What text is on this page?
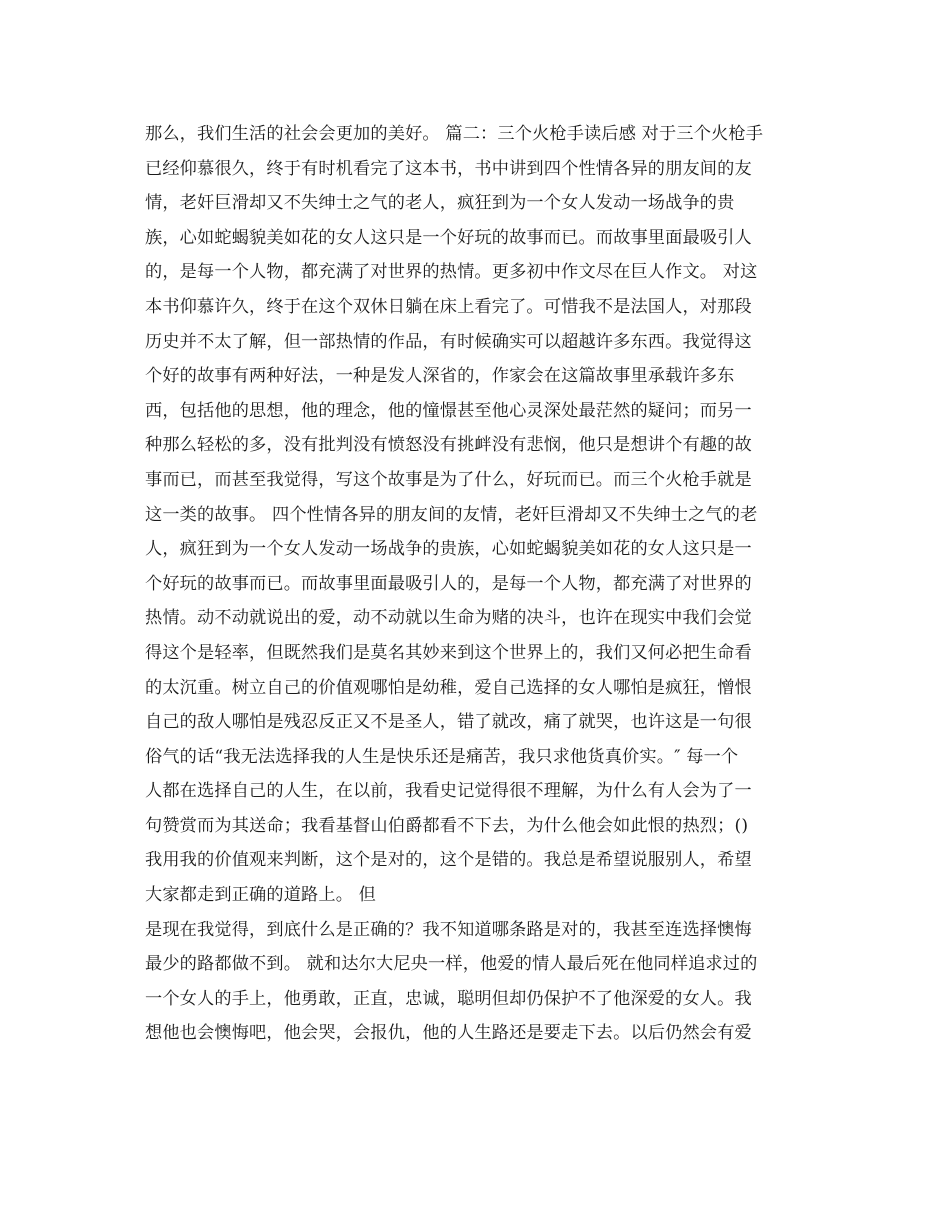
那么，我们生活的社会会更加的美好。 篇二：三个火枪手读后感 对于三个火枪手
已经仰慕很久，终于有时机看完了这本书，书中讲到四个性情各异的朋友间的友
情，老奸巨滑却又不失绅士之气的老人，疯狂到为一个女人发动一场战争的贵
族，心如蛇蝎貌美如花的女人这只是一个好玩的故事而已。而故事里面最吸引人
的，是每一个人物，都充满了对世界的热情。更多初中作文尽在巨人作文。 对这
本书仰慕许久，终于在这个双休日躺在床上看完了。可惜我不是法国人，对那段
历史并不太了解，但一部热情的作品，有时候确实可以超越许多东西。我觉得这
个好的故事有两种好法，一种是发人深省的，作家会在这篇故事里承载许多东
西，包括他的思想，他的理念，他的憧憬甚至他心灵深处最茫然的疑问；而另一
种那么轻松的多，没有批判没有愤怒没有挑衅没有悲悯，他只是想讲个有趣的故
事而已，而甚至我觉得，写这个故事是为了什么，好玩而已。而三个火枪手就是
这一类的故事。 四个性情各异的朋友间的友情，老奸巨滑却又不失绅士之气的老
人，疯狂到为一个女人发动一场战争的贵族，心如蛇蝎貌美如花的女人这只是一
个好玩的故事而已。而故事里面最吸引人的，是每一个人物，都充满了对世界的
热情。动不动就说出的爱，动不动就以生命为赌的决斗，也许在现实中我们会觉
得这个是轻率，但既然我们是莫名其妙来到这个世界上的，我们又何必把生命看
的太沉重。树立自己的价值观哪怕是幼稚，爱自己选择的女人哪怕是疯狂，憎恨
自己的敌人哪怕是残忍反正又不是圣人，错了就改，痛了就哭，也许这是一句很
俗气的话“我无法选择我的人生是快乐还是痛苦，我只求他货真价实。″ 每一个
人都在选择自己的人生，在以前，我看史记觉得很不理解，为什么有人会为了一
句赞赏而为其送命；我看基督山伯爵都看不下去，为什么他会如此恨的热烈；()
我用我的价值观来判断，这个是对的，这个是错的。我总是希望说服别人，希望
大家都走到正确的道路上。 但
是现在我觉得，到底什么是正确的？我不知道哪条路是对的，我甚至连选择懊悔
最少的路都做不到。 就和达尔大尼央一样，他爱的情人最后死在他同样追求过的
一个女人的手上，他勇敢，正直，忠诚，聪明但却仍保护不了他深爱的女人。我
想他也会懊悔吧，他会哭，会报仇，他的人生路还是要走下去。以后仍然会有爱
